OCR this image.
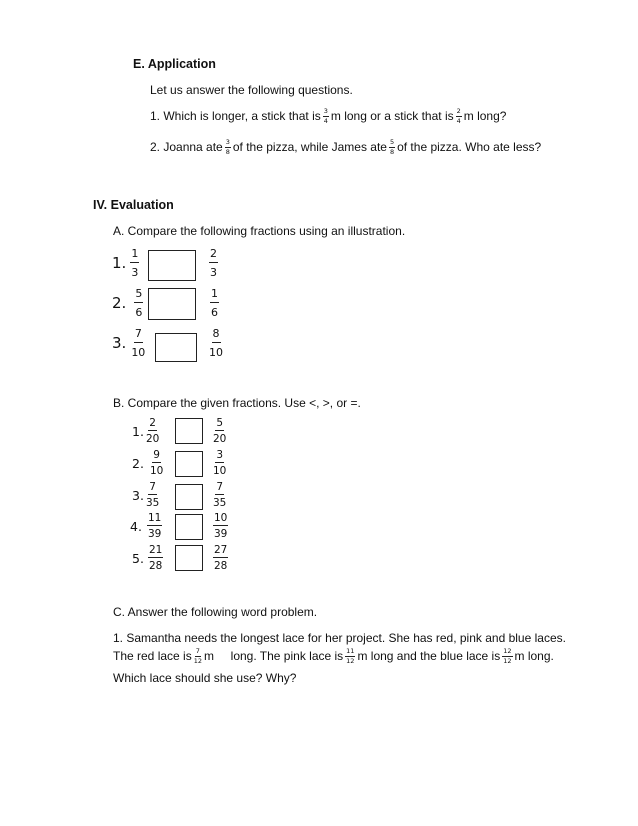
E. Application
Let us answer the following questions.
1. Which is longer, a stick that is $\frac{3}{4}$ m long or a stick that is $\frac{2}{4}$ m long?
2. Joanna ate $\frac{3}{8}$ of the pizza, while James ate $\frac{5}{8}$ of the pizza. Who ate less?
IV. Evaluation
A. Compare the following fractions using an illustration.
1. $\frac{1}{3}$	$\frac{2}{3}$
2. $\frac{5}{6}$	$\frac{1}{6}$
3. $\frac{7}{10}$	$\frac{8}{10}$
B. Compare the given fractions. Use <, >, or =.
1. $\frac{2}{20}$	$\frac{5}{20}$
2. $\frac{9}{10}$	$\frac{3}{10}$
3. $\frac{7}{35}$	$\frac{7}{35}$
4. $\frac{11}{39}$	$\frac{10}{39}$
5. $\frac{21}{28}$	$\frac{27}{28}$
C. Answer the following word problem.
1. Samantha needs the longest lace for her project. She has red, pink and blue laces.
The red lace is $\frac{7}{12}$ m     long. The pink lace is $\frac{11}{12}$ m long and the blue lace is $\frac{12}{12}$ m long.
Which lace should she use? Why?
